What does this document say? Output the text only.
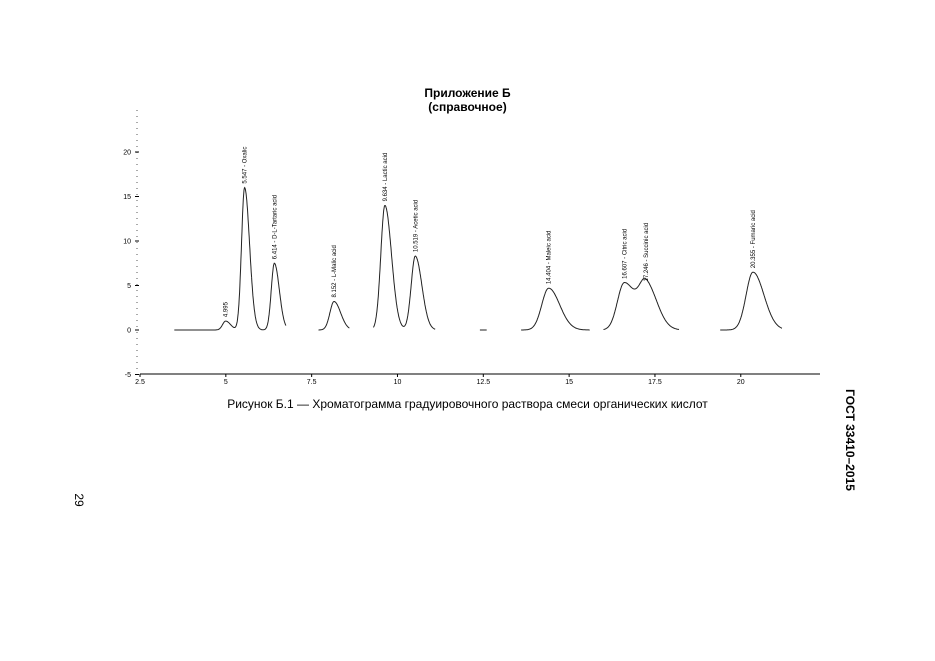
Приложение Б
(справочное)
-5
0
5
10
15
20
2.5	5	7.5	10	12.5	15	17.5	20
4.995
5.547 - Oxalic
6.414 - D-L-Tartaric acid
8.152 - L-Malic acid
9.634 - Lactic acid
10.519 - Acetic acid
14.404 - Maleic acid	16.607 - Citric acid	17.246 - Succinic acid	20.355 - Fumaric acid
Рисунок Б.1 — Хроматограмма градуировочного раствора смеси органических кислот	ГОСТ 33410–2015
29
